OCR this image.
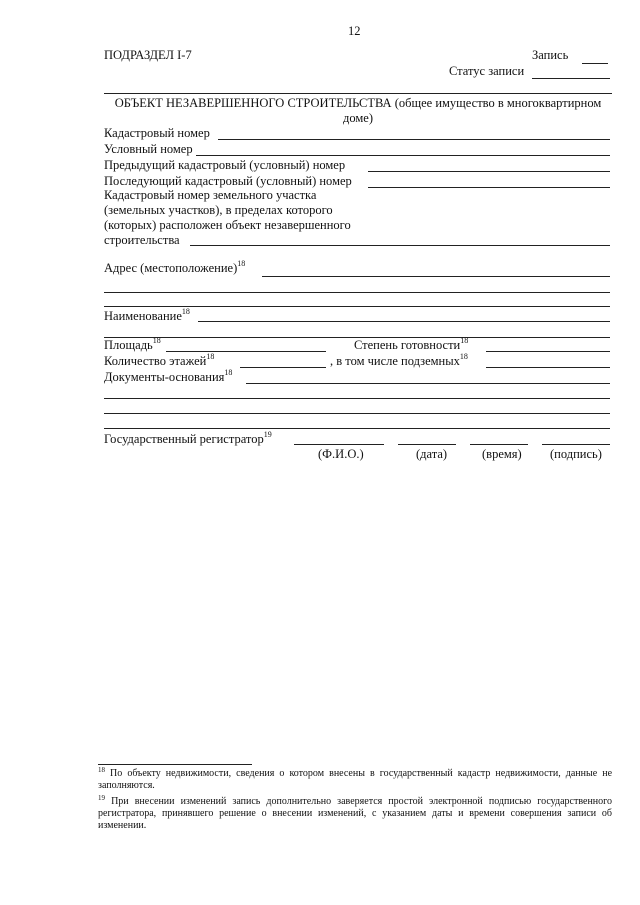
12
ПОДРАЗДЕЛ I-7	Запись
Статус записи
ОБЪЕКТ НЕЗАВЕРШЕННОГО СТРОИТЕЛЬСТВА (общее имущество в многоквартирном доме)
Кадастровый номер
Условный номер
Предыдущий кадастровый (условный) номер
Последующий кадастровый (условный) номер
Кадастровый номер земельного участка
(земельных участков), в пределах которого
(которых) расположен объект незавершенного
строительства
Адрес (местоположение)$^{18}$
Наименование$^{18}$
Площадь$^{18}$	Степень готовности$^{18}$
Количество этажей$^{18}$	, в том числе подземных$^{18}$
Документы-основания$^{18}$
Государственный регистратор$^{19}$
(Ф.И.О.)	(дата)	(время) (подпись)
$^{18}$ По объекту недвижимости, сведения о котором внесены в государственный кадастр недвижимости, данные не заполняются.
$^{19}$ При внесении изменений запись дополнительно заверяется простой электронной подписью государственного регистратора, принявшего решение о внесении изменений, с указанием даты и времени совершения записи об изменении.
